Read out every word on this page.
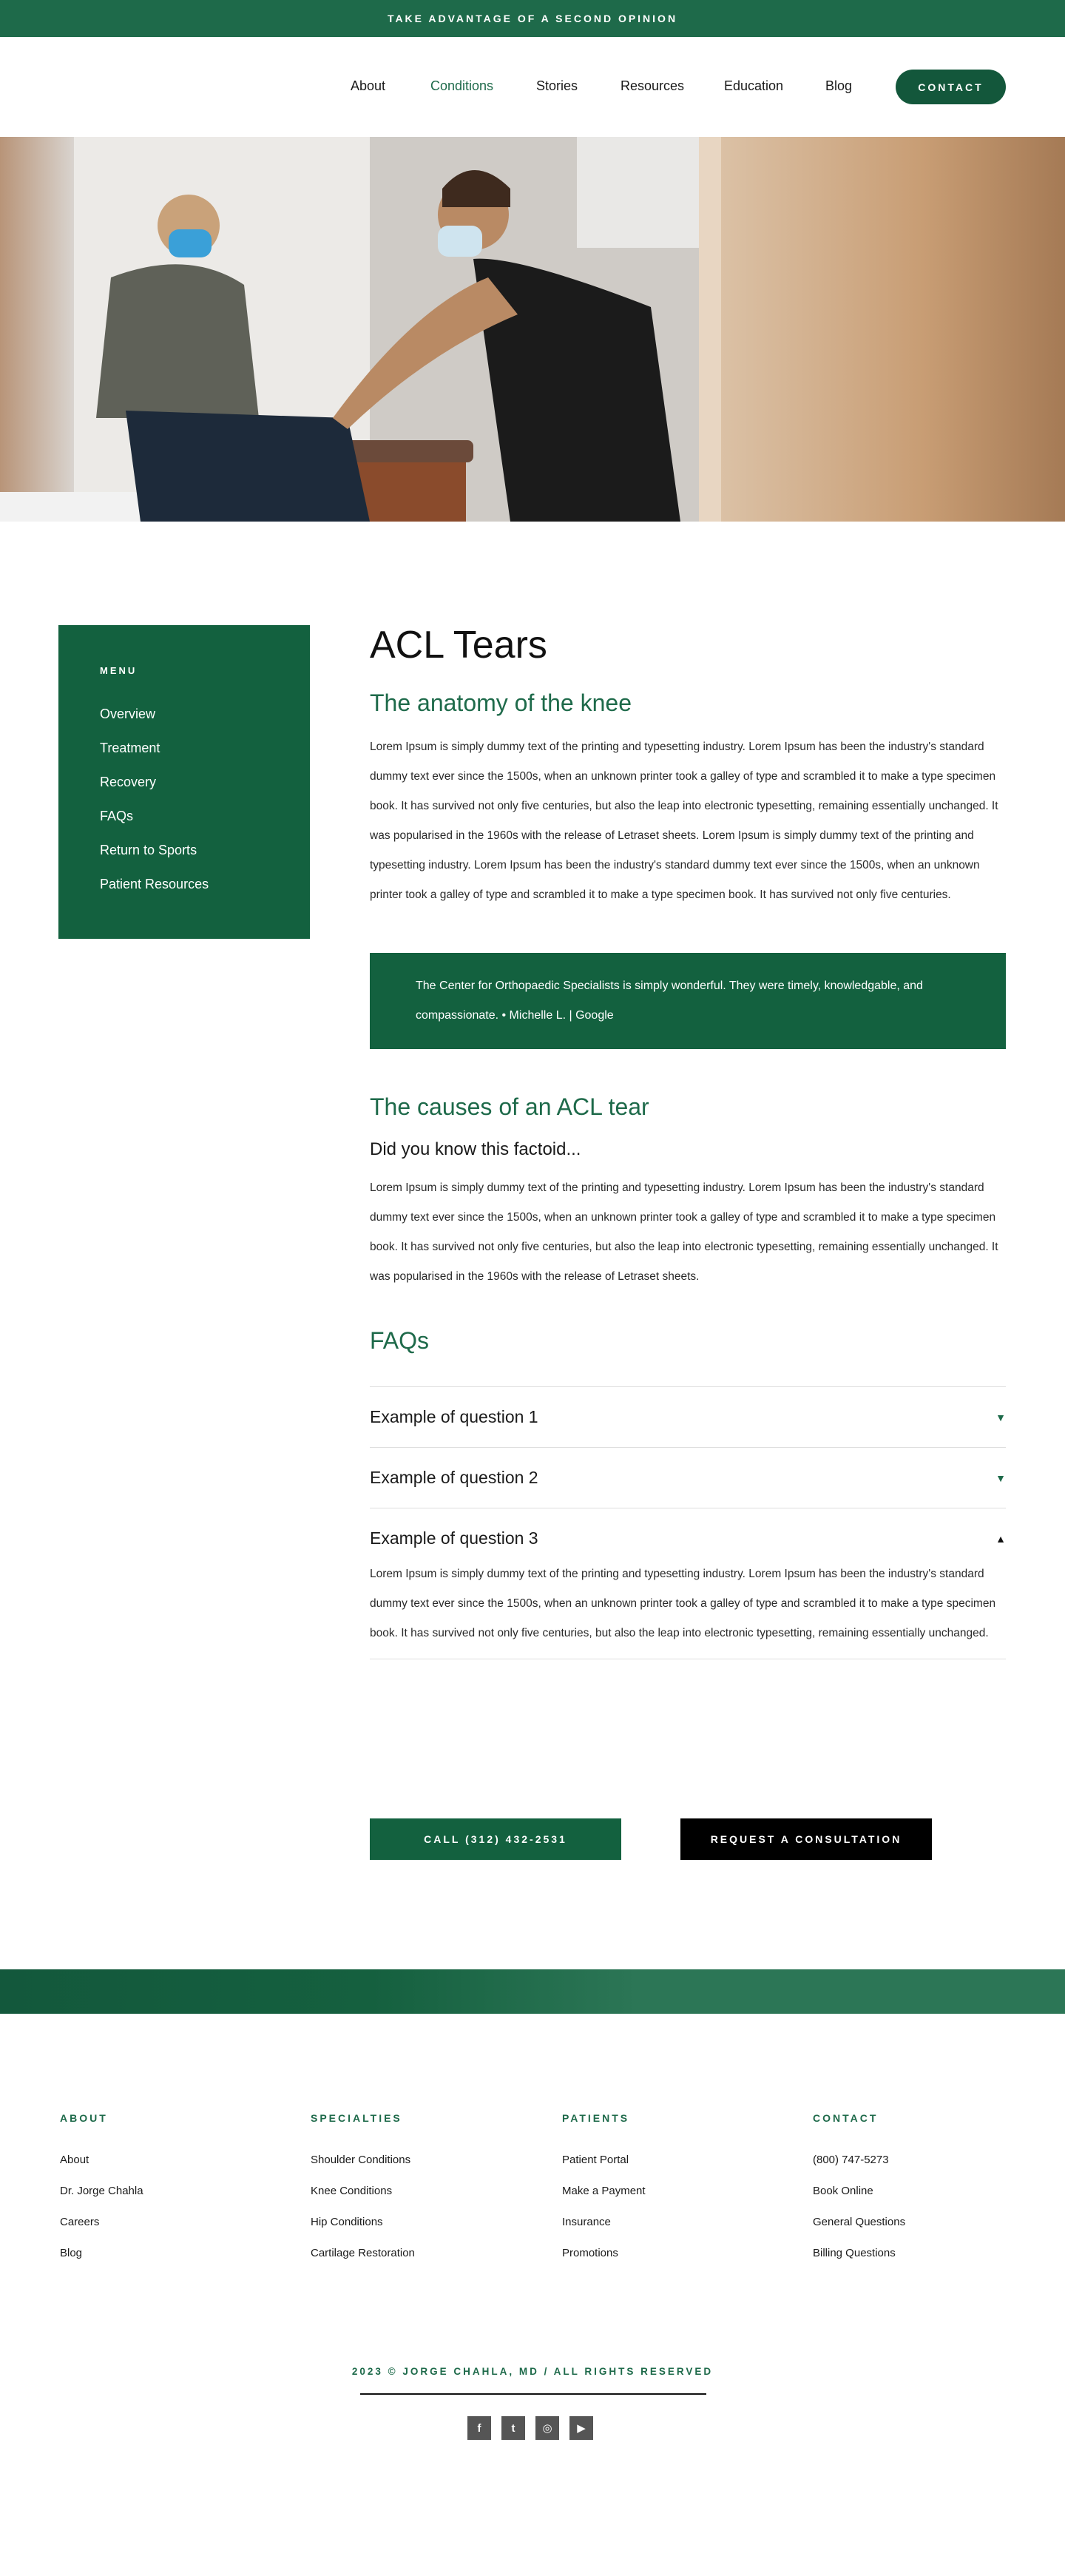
TAKE ADVANTAGE OF A SECOND OPINION
About	Conditions	Stories	Resources	Education	Blog	CONTACT
MENU
Overview
Treatment
Recovery
FAQs
Return to Sports
Patient Resources
ACL Tears
The anatomy of the knee

Lorem Ipsum is simply dummy text of the printing and typesetting industry. Lorem Ipsum has been the industry's standard dummy text ever since the 1500s, when an unknown printer took a galley of type and scrambled it to make a type specimen book. It has survived not only five centuries, but also the leap into electronic typesetting, remaining essentially unchanged. It was popularised in the 1960s with the release of Letraset sheets. Lorem Ipsum is simply dummy text of the printing and typesetting industry. Lorem Ipsum has been the industry's standard dummy text ever since the 1500s, when an unknown printer took a galley of type and scrambled it to make a type specimen book. It has survived not only five centuries.

The Center for Orthopaedic Specialists is simply wonderful. They were timely, knowledgable, and compassionate. • Michelle L. | Google
The causes of an ACL tear
Did you know this factoid...

Lorem Ipsum is simply dummy text of the printing and typesetting industry. Lorem Ipsum has been the industry's standard dummy text ever since the 1500s, when an unknown printer took a galley of type and scrambled it to make a type specimen book. It has survived not only five centuries, but also the leap into electronic typesetting, remaining essentially unchanged. It was popularised in the 1960s with the release of Letraset sheets.

FAQs
Example of question 1	▼
Example of question 2	▼
Example of question 3	▲

Lorem Ipsum is simply dummy text of the printing and typesetting industry. Lorem Ipsum has been the industry's standard dummy text ever since the 1500s, when an unknown printer took a galley of type and scrambled it to make a type specimen book. It has survived not only five centuries, but also the leap into electronic typesetting, remaining essentially unchanged.

CALL (312) 432-2531	REQUEST A CONSULTATION
ABOUT
About
Dr. Jorge Chahla
Careers
Blog
SPECIALTIES
Shoulder Conditions
Knee Conditions
Hip Conditions
Cartilage Restoration
PATIENTS
Patient Portal
Make a Payment
Insurance
Promotions
CONTACT
(800) 747-5273
Book Online
General Questions
Billing Questions
2023 © JORGE CHAHLA, MD / ALL RIGHTS RESERVED
f	t	◎	▶
